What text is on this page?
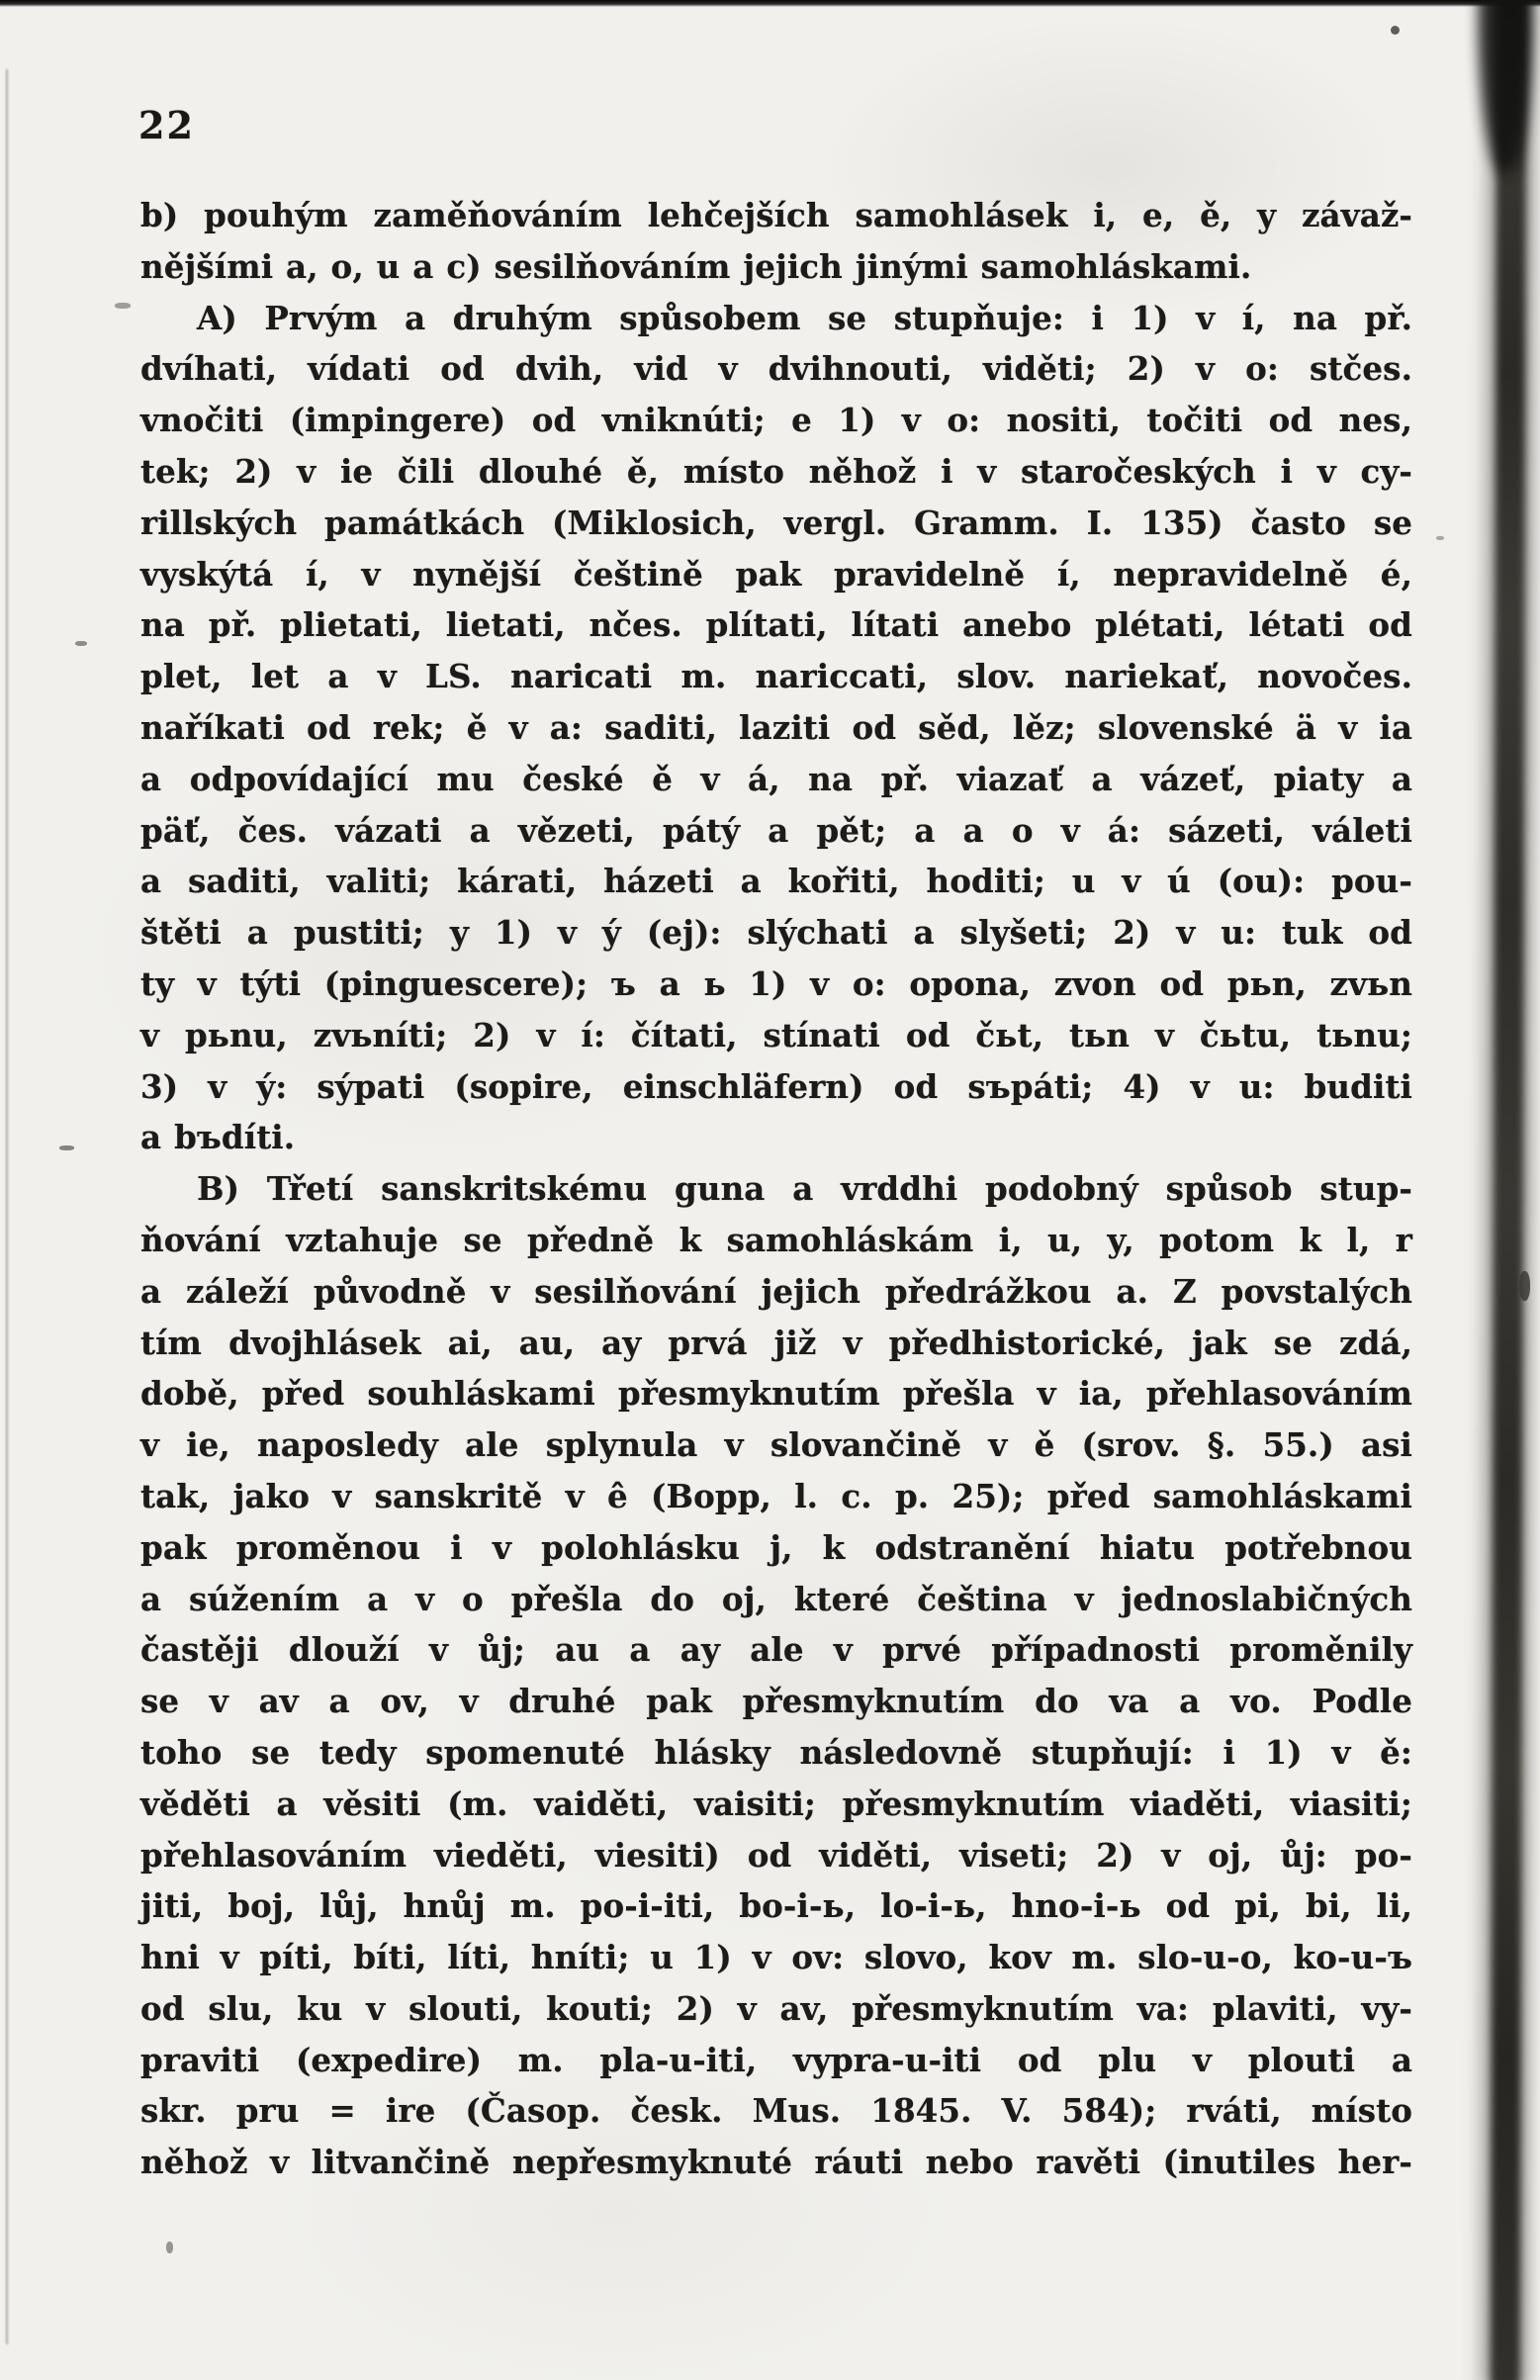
22
b) pouhým zaměňováním lehčejších samohlásek i, e, ě, y závaž-
nějšími a, o, u a c) sesilňováním jejich jinými samohláskami.
A) Prvým a druhým spůsobem se stupňuje: i 1) v í, na př.
dvíhati, vídati od dvih, vid v dvihnouti, viděti; 2) v o: stčes.
vnočiti (impingere) od vniknúti; e 1) v o: nositi, točiti od nes,
tek; 2) v ie čili dlouhé ě, místo něhož i v staročeských i v cy-
rillských památkách (Miklosich, vergl. Gramm. I. 135) často se
vyskýtá í, v nynější češtině pak pravidelně í, nepravidelně é,
na př. plietati, lietati, nčes. plítati, lítati anebo plétati, létati od
plet, let a v LS. naricati m. nariccati, slov. nariekať, novočes.
naříkati od rek; ě v a: saditi, laziti od sěd, lěz; slovenské ä v ia
a odpovídající mu české ě v á, na př. viazať a vázeť, piaty a
päť, čes. vázati a vězeti, pátý a pět; a a o v á: sázeti, váleti
a saditi, valiti; kárati, házeti a kořiti, hoditi; u v ú (ou): pou-
štěti a pustiti; y 1) v ý (ej): slýchati a slyšeti; 2) v u: tuk od
ty v týti (pinguescere); ъ a ь 1) v o: opona, zvon od pьn, zvьn
v pьnu, zvьníti; 2) v í: čítati, stínati od čьt, tьn v čьtu, tьnu;
3) v ý: sýpati (sopire, einschläfern) od sъpáti; 4) v u: buditi
a bъdíti.
B) Třetí sanskritskému guna a vrddhi podobný spůsob stup-
ňování vztahuje se předně k samohláskám i, u, y, potom k l, r
a záleží původně v sesilňování jejich předrážkou a. Z povstalých
tím dvojhlásek ai, au, ay prvá již v předhistorické, jak se zdá,
době, před souhláskami přesmyknutím přešla v ia, přehlasováním
v ie, naposledy ale splynula v slovančině v ě (srov. §. 55.) asi
tak, jako v sanskritě v ê (Bopp, l. c. p. 25); před samohláskami
pak proměnou i v polohlásku j, k odstranění hiatu potřebnou
a súžením a v o přešla do oj, které čeština v jednoslabičných
častěji dlouží v ůj; au a ay ale v prvé případnosti proměnily
se v av a ov, v druhé pak přesmyknutím do va a vo. Podle
toho se tedy spomenuté hlásky následovně stupňují: i 1) v ě:
věděti a věsiti (m. vaiděti, vaisiti; přesmyknutím viaděti, viasiti;
přehlasováním vieděti, viesiti) od viděti, viseti; 2) v oj, ůj: po-
jiti, boj, lůj, hnůj m. po-i-iti, bo-i-ь, lo-i-ь, hno-i-ь od pi, bi, li,
hni v píti, bíti, líti, hníti; u 1) v ov: slovo, kov m. slo-u-o, ko-u-ъ
od slu, ku v slouti, kouti; 2) v av, přesmyknutím va: plaviti, vy-
praviti (expedire) m. pla-u-iti, vypra-u-iti od plu v plouti a
skr. pru = ire (Časop. česk. Mus. 1845. V. 584); rváti, místo
něhož v litvančině nepřesmyknuté ráuti nebo ravěti (inutiles her-
